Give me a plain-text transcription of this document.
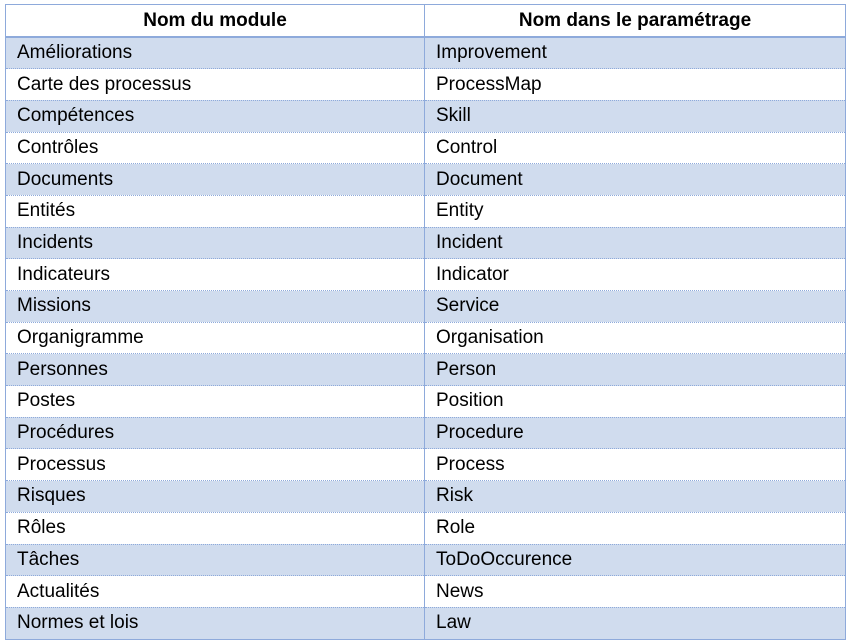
Nom du module	Nom dans le paramétrage
Améliorations	Improvement
Carte des processus	ProcessMap
Compétences	Skill
Contrôles	Control
Documents	Document
Entités	Entity
Incidents	Incident
Indicateurs	Indicator
Missions	Service
Organigramme	Organisation
Personnes	Person
Postes	Position
Procédures	Procedure
Processus	Process
Risques	Risk
Rôles	Role
Tâches	ToDoOccurence
Actualités	News
Normes et lois	Law
